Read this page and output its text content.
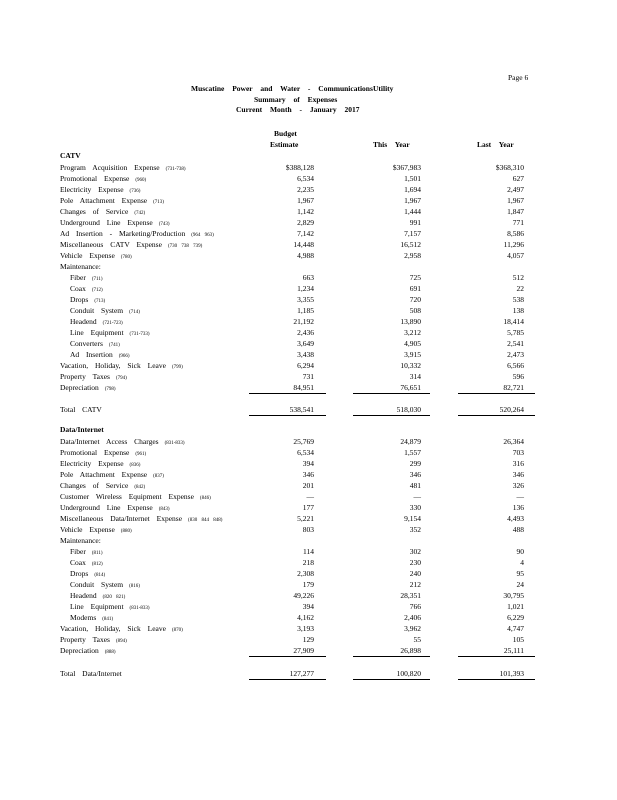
Page 6
Muscatine Power and Water - Communications Utility
Summary of Expenses
Current Month - January 2017
Budget
Estimate	This Year	Last Year
CATV
Program Acquisition Expense (731-738)	$388,128	$367,983	$368,310
Promotional Expense (960)	6,534	1,501	627
Electricity Expense (736)	2,235	1,694	2,497
Pole Attachment Expense (713)	1,967	1,967	1,967
Changes of Service (742)	1,142	1,444	1,847
Underground Line Expense (743)	2,829	991	771
Ad Insertion - Marketing/Production (964 963)	7,142	7,157	8,586
Miscellaneous CATV Expense (730 738 739)	14,448	16,512	11,296
Vehicle Expense (780)	4,988	2,958	4,057
Maintenance:
Fiber (711)	663	725	512
Coax (712)	1,234	691	22
Drops (713)	3,355	720	538
Conduit System (714)	1,185	508	138
Headend (721-723)	21,192	13,890	18,414
Line Equipment (731-733)	2,436	3,212	5,785
Converters (741)	3,649	4,905	2,541
Ad Insertion (966)	3,438	3,915	2,473
Vacation, Holiday, Sick Leave (799)	6,294	10,332	6,566
Property Taxes (794)	731	314	596
Depreciation (798)	84,951	76,651	82,721
Total CATV	538,541	518,030	520,264
Data/Internet
Data/Internet Access Charges (831-833)	25,769	24,879	26,364
Promotional Expense (961)	6,534	1,557	703
Electricity Expense (836)	394	299	316
Pole Attachment Expense (837)	346	346	346
Changes of Service (842)	201	481	326
Customer Wireless Equipment Expense (846)	—	—	—
Underground Line Expense (843)	177	330	136
Miscellaneous Data/Internet Expense (830 844 848)	5,221	9,154	4,493
Vehicle Expense (880)	803	352	488
Maintenance:
Fiber (811)	114	302	90
Coax (812)	218	230	4
Drops (814)	2,308	240	95
Conduit System (816)	179	212	24
Headend (820 821)	49,226	28,351	30,795
Line Equipment (831-833)	394	766	1,021
Modems (841)	4,162	2,406	6,229
Vacation, Holiday, Sick Leave (870)	3,193	3,962	4,747
Property Taxes (894)	129	55	105
Depreciation (888)	27,909	26,898	25,111
Total Data/Internet	127,277	100,820	101,393
